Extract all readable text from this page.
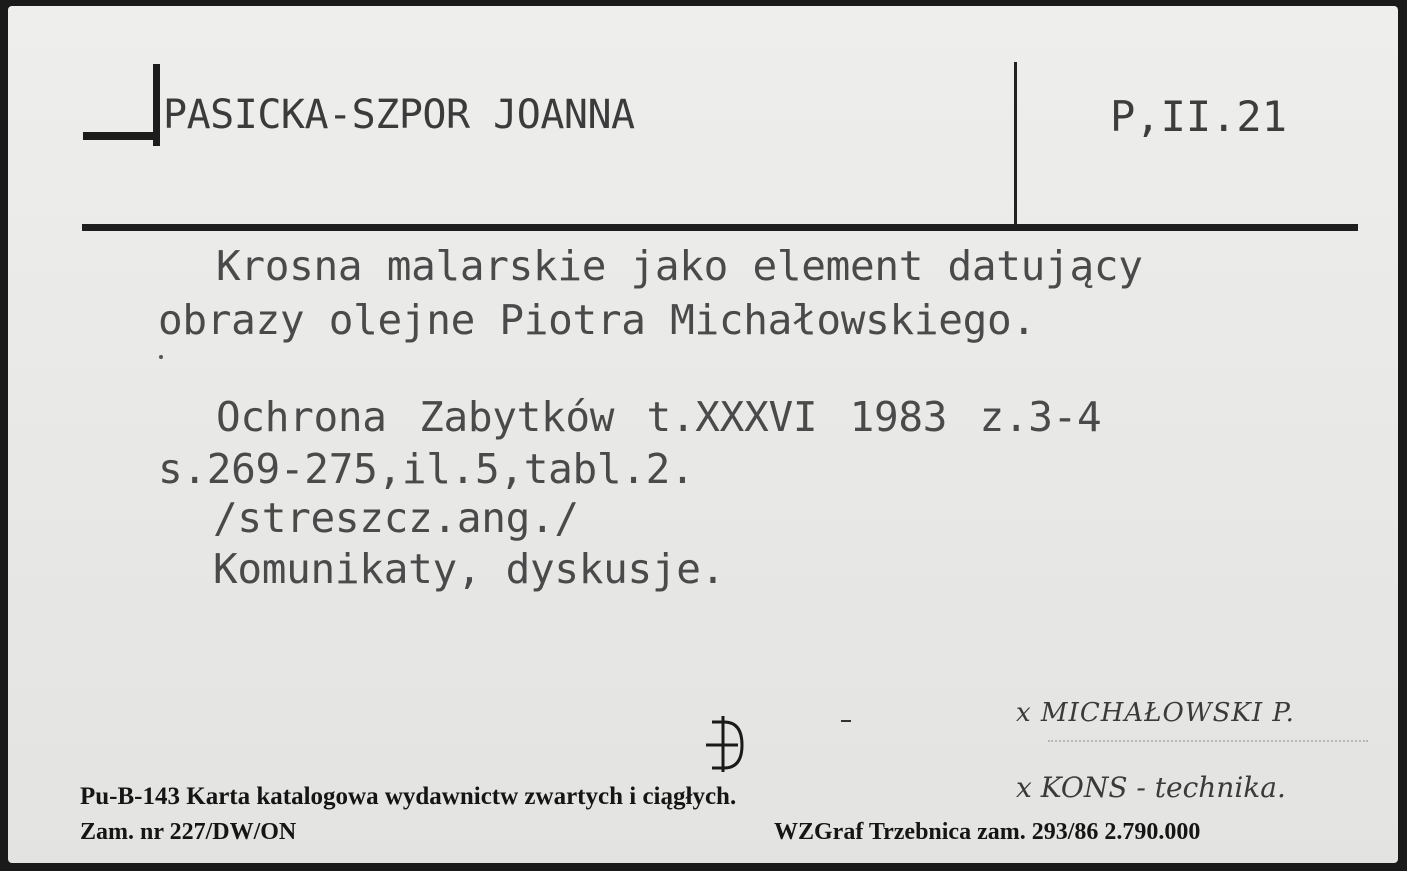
PASICKA-SZPOR JOANNA	P,II.21
Krosna malarskie jako element datujący
obrazy olejne Piotra Michałowskiego.
Ochrona Zabytków t.XXXVI 1983 z.3-4
s.269-275,il.5,tabl.2.
/streszcz.ang./
Komunikaty, dyskusje.
x MICHAŁOWSKI P.
x KONS - technika.
Pu-B-143 Karta katalogowa wydawnictw zwartych i ciągłych.
Zam. nr 227/DW/ON	WZGraf Trzebnica zam. 293/86 2.790.000
